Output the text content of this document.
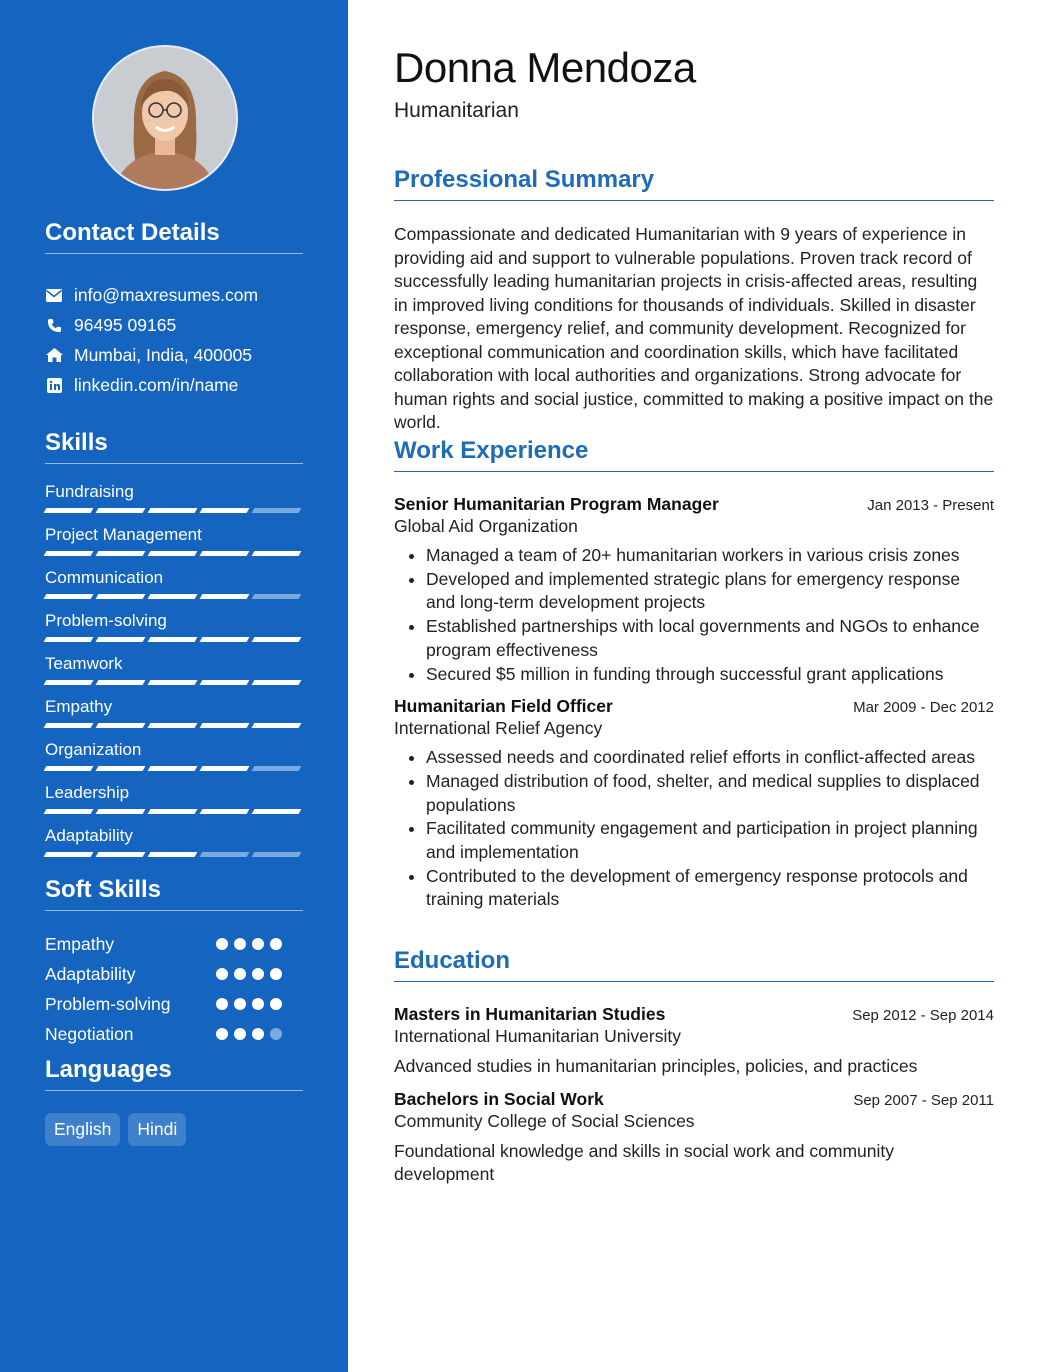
Contact Details
info@maxresumes.com
96495 09165
Mumbai, India, 400005
linkedin.com/in/name
Skills
Fundraising
Project Management
Communication
Problem-solving
Teamwork
Empathy
Organization
Leadership
Adaptability
Soft Skills
Empathy
Adaptability
Problem-solving
Negotiation
Languages
English	Hindi
Donna Mendoza
Humanitarian
Professional Summary

Compassionate and dedicated Humanitarian with 9 years of experience in providing aid and support to vulnerable populations. Proven track record of successfully leading humanitarian projects in crisis-affected areas, resulting in improved living conditions for thousands of individuals. Skilled in disaster response, emergency relief, and community development. Recognized for exceptional communication and coordination skills, which have facilitated collaboration with local authorities and organizations. Strong advocate for human rights and social justice, committed to making a positive impact on the world.

Work Experience
Senior Humanitarian Program Manager	Jan 2013 - Present
Global Aid Organization
• Managed a team of 20+ humanitarian workers in various crisis zones
• Developed and implemented strategic plans for emergency response and long-term development projects
• Established partnerships with local governments and NGOs to enhance program effectiveness
• Secured $5 million in funding through successful grant applications
Humanitarian Field Officer	Mar 2009 - Dec 2012
International Relief Agency
• Assessed needs and coordinated relief efforts in conflict-affected areas
• Managed distribution of food, shelter, and medical supplies to displaced populations
• Facilitated community engagement and participation in project planning and implementation
• Contributed to the development of emergency response protocols and training materials
Education
Masters in Humanitarian Studies	Sep 2012 - Sep 2014
International Humanitarian University
Advanced studies in humanitarian principles, policies, and practices
Bachelors in Social Work	Sep 2007 - Sep 2011
Community College of Social Sciences
Foundational knowledge and skills in social work and community development
